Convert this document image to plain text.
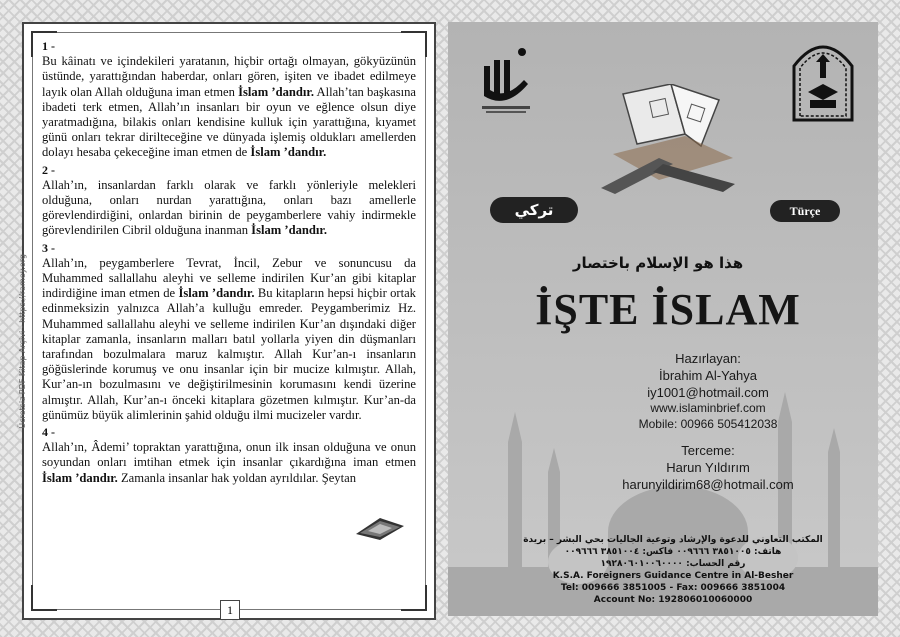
Ücretsiz PDF Kitap Arşivi - https://ramey.org
1 -

Bu kâinatı ve içindekileri yaratanın, hiçbir ortağı olmayan, gökyüzünün üstünde, yarattığından haberdar, onları gören, işiten ve ibadet edilmeye layık olan Allah olduğuna iman etmen İslam ’dandır. Allah’tan başkasına ibadeti terk etmen, Allah’ın insanları bir oyun ve eğlence olsun diye yaratmadığına, bilakis onları kendisine kulluk için yarattığına, kıyamet günü onları tekrar dirilteceğine ve dünyada işlemiş oldukları amellerden dolayı hesaba çekeceğine iman etmen de İslam ’dandır.

2 -

Allah’ın, insanlardan farklı olarak ve farklı yönleriyle melekleri olduğuna, onları nurdan yarattığına, onları bazı amellerle görevlendirdiğini, onlardan birinin de peygamberlere vahiy indirmekle görevlendirilen Cibril olduğuna inanman İslam ’dandır.

3 -

Allah’ın, peygamberlere Tevrat, İncil, Zebur ve sonuncusu da Muhammed sallallahu aleyhi ve selleme indirilen Kur’an gibi kitaplar indirdiğine iman etmen de İslam ’dandır. Bu kitapların hepsi hiçbir ortak edinmeksizin yalnızca Allah’a kulluğu emreder. Peygamberimiz Hz. Muhammed sallallahu aleyhi ve selleme indirilen Kur’an dışındaki diğer kitaplar zamanla, insanların malları batıl yollarla yiyen din düşmanları tarafından bozulmalara maruz kalmıştır. Allah Kur’an-ı insanların göğüslerinde korumuş ve onu insanlar için bir mucize kılmıştır. Allah, Kur’an-ın bozulmasını ve değiştirilmesinin korumasını kendi üzerine almıştır. Allah, Kur’an-ı önceki kitaplara gözetmen kılmıştır. Kur’an-da günümüz büyük alimlerinin şahid olduğu ilmi mucizeler vardır.

4 -

Allah’ın, Âdemi’ topraktan yarattığına, onun ilk insan olduğuna ve onun soyundan onları imtihan etmek için insanlar çıkardığına iman etmen İslam ’dandır. Zamanla insanlar hak yoldan ayrıldılar. Şeytan

1
تركي	Türçe
هذا هو الإسلام باختصار
İŞTE İSLAM
Hazırlayan:
İbrahim Al-Yahya
iy1001@hotmail.com
www.islaminbrief.com
Mobile: 00966 505412038
Terceme:
Harun Yıldırım
harunyildirim68@hotmail.com
المكتب التعاوني للدعوة والإرشاد وتوعية الجاليات بحي البشر – بريدة
هاتف: ٣٨٥١٠٠٥ ٠٠٩٦٦٦ فاكس: ٣٨٥١٠٠٤ ٠٠٩٦٦٦
رقم الحساب: ١٩٢٨٠٦٠١٠٠٦٠٠٠٠
K.S.A. Foreigners Guidance Centre in Al-Besher
Tel: 009666 3851005 - Fax: 009666 3851004
Account No: 192806010060000
